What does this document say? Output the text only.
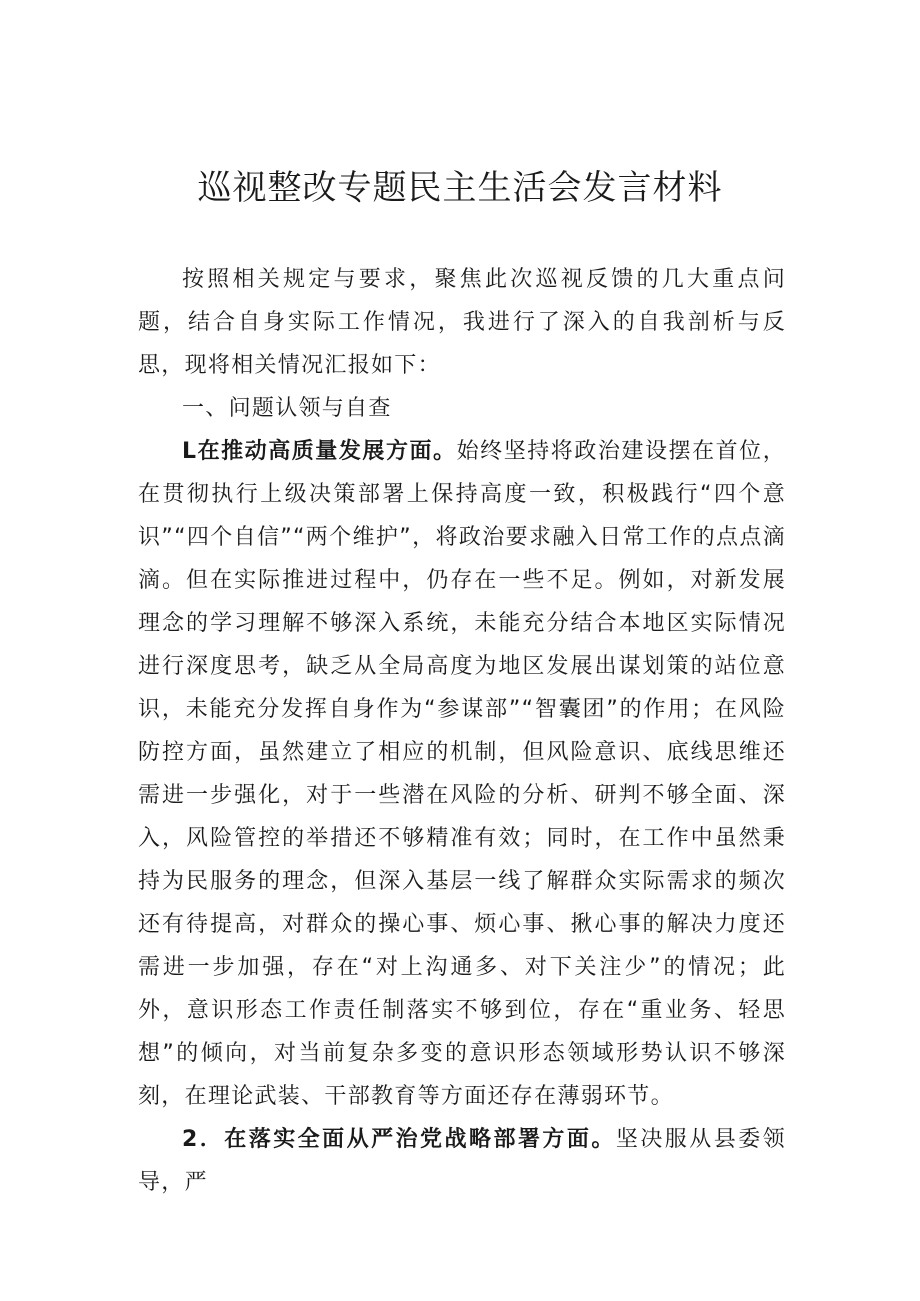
巡视整改专题民主生活会发言材料

按照相关规定与要求，聚焦此次巡视反馈的几大重点问题，结合自身实际工作情况，我进行了深入的自我剖析与反思，现将相关情况汇报如下：

一、问题认领与自查

L在推动高质量发展方面。始终坚持将政治建设摆在首位，在贯彻执行上级决策部署上保持高度一致，积极践行“四个意识”“四个自信”“两个维护”，将政治要求融入日常工作的点点滴滴。但在实际推进过程中，仍存在一些不足。例如，对新发展理念的学习理解不够深入系统，未能充分结合本地区实际情况进行深度思考，缺乏从全局高度为地区发展出谋划策的站位意识，未能充分发挥自身作为“参谋部”“智囊团”的作用；在风险防控方面，虽然建立了相应的机制，但风险意识、底线思维还需进一步强化，对于一些潜在风险的分析、研判不够全面、深入，风险管控的举措还不够精准有效；同时，在工作中虽然秉持为民服务的理念，但深入基层一线了解群众实际需求的频次还有待提高，对群众的操心事、烦心事、揪心事的解决力度还需进一步加强，存在“对上沟通多、对下关注少”的情况；此外，意识形态工作责任制落实不够到位，存在“重业务、轻思想”的倾向，对当前复杂多变的意识形态领域形势认识不够深刻，在理论武装、干部教育等方面还存在薄弱环节。

2．在落实全面从严治党战略部署方面。坚决服从县委领导，严
